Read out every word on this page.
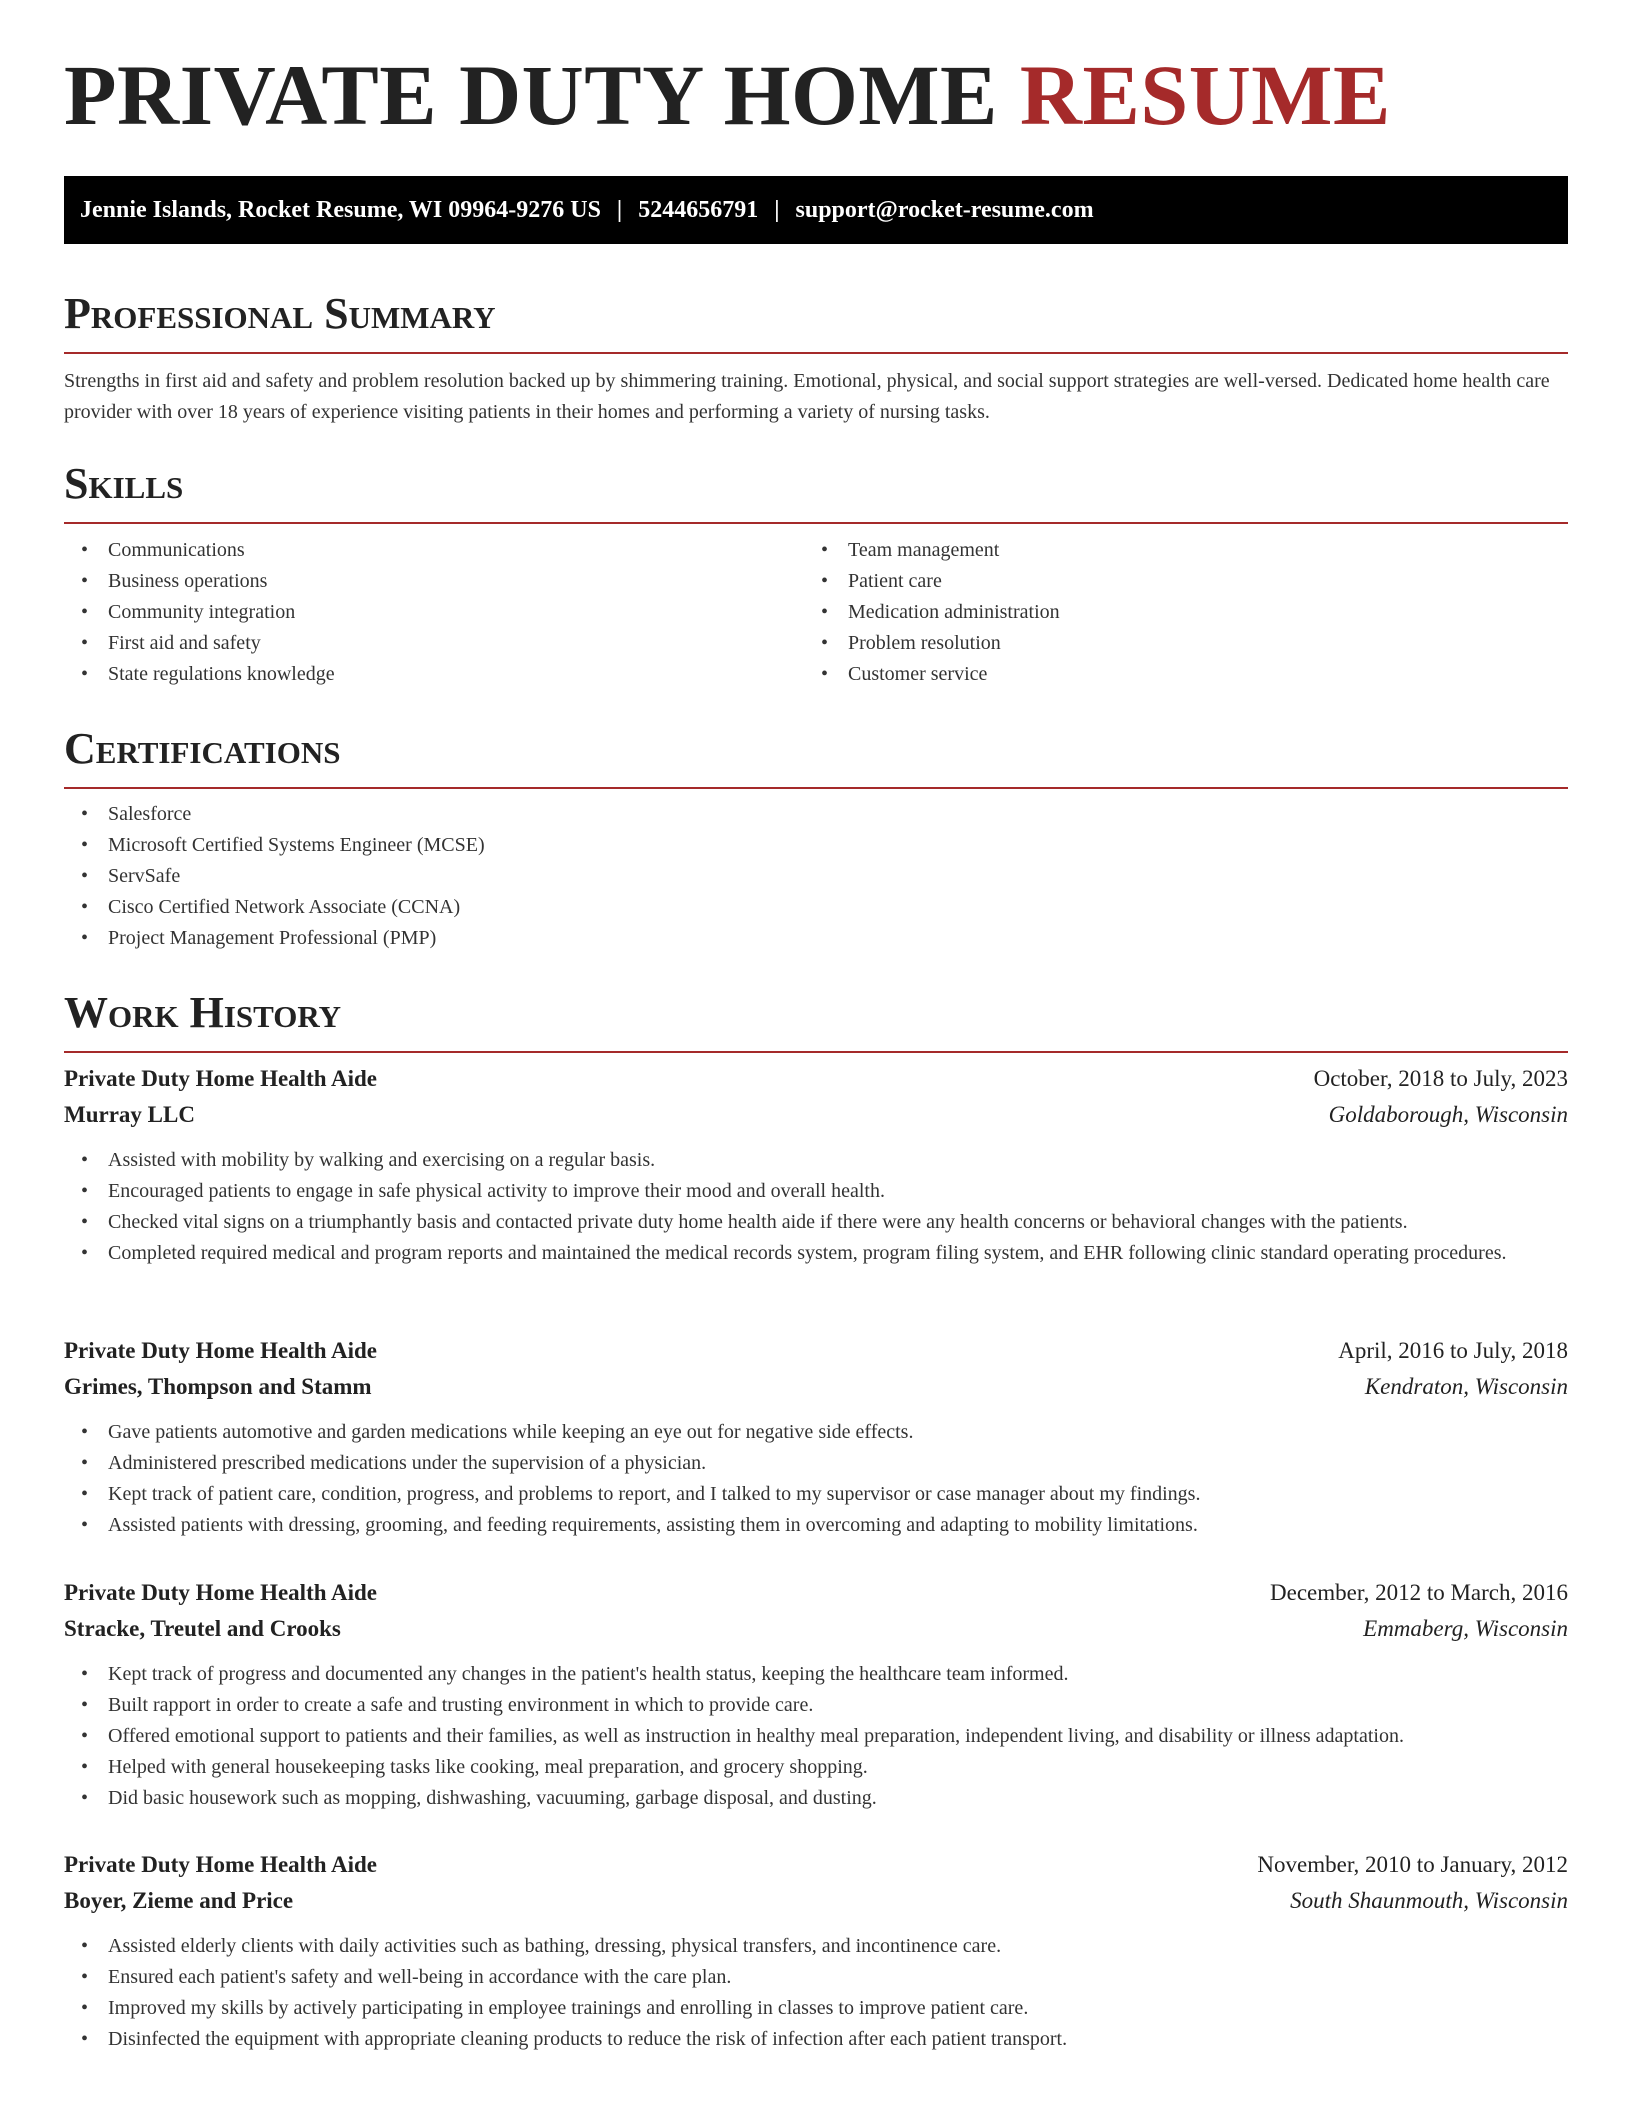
PRIVATE DUTY HOME RESUME
Jennie Islands, Rocket Resume, WI 09964-9276 US | 5244656791 | support@rocket-resume.com
Professional Summary

Strengths in first aid and safety and problem resolution backed up by shimmering training. Emotional, physical, and social support strategies are well-versed. Dedicated home health care provider with over 18 years of experience visiting patients in their homes and performing a variety of nursing tasks.

Skills
• Communications
• Business operations
• Community integration
• First aid and safety
• State regulations knowledge
• Team management
• Patient care
• Medication administration
• Problem resolution
• Customer service
Certifications
• Salesforce
• Microsoft Certified Systems Engineer (MCSE)
• ServSafe
• Cisco Certified Network Associate (CCNA)
• Project Management Professional (PMP)
Work History
Private Duty Home Health Aide	October, 2018 to July, 2023
Murray LLC	Goldaborough, Wisconsin
• Assisted with mobility by walking and exercising on a regular basis.
• Encouraged patients to engage in safe physical activity to improve their mood and overall health.
• Checked vital signs on a triumphantly basis and contacted private duty home health aide if there were any health concerns or behavioral changes with the patients.
• Completed required medical and program reports and maintained the medical records system, program filing system, and EHR following clinic standard operating procedures.
Private Duty Home Health Aide	April, 2016 to July, 2018
Grimes, Thompson and Stamm	Kendraton, Wisconsin
• Gave patients automotive and garden medications while keeping an eye out for negative side effects.
• Administered prescribed medications under the supervision of a physician.
• Kept track of patient care, condition, progress, and problems to report, and I talked to my supervisor or case manager about my findings.
• Assisted patients with dressing, grooming, and feeding requirements, assisting them in overcoming and adapting to mobility limitations.
Private Duty Home Health Aide	December, 2012 to March, 2016
Stracke, Treutel and Crooks	Emmaberg, Wisconsin
• Kept track of progress and documented any changes in the patient's health status, keeping the healthcare team informed.
• Built rapport in order to create a safe and trusting environment in which to provide care.
• Offered emotional support to patients and their families, as well as instruction in healthy meal preparation, independent living, and disability or illness adaptation.
• Helped with general housekeeping tasks like cooking, meal preparation, and grocery shopping.
• Did basic housework such as mopping, dishwashing, vacuuming, garbage disposal, and dusting.
Private Duty Home Health Aide	November, 2010 to January, 2012
Boyer, Zieme and Price	South Shaunmouth, Wisconsin
• Assisted elderly clients with daily activities such as bathing, dressing, physical transfers, and incontinence care.
• Ensured each patient's safety and well-being in accordance with the care plan.
• Improved my skills by actively participating in employee trainings and enrolling in classes to improve patient care.
• Disinfected the equipment with appropriate cleaning products to reduce the risk of infection after each patient transport.
